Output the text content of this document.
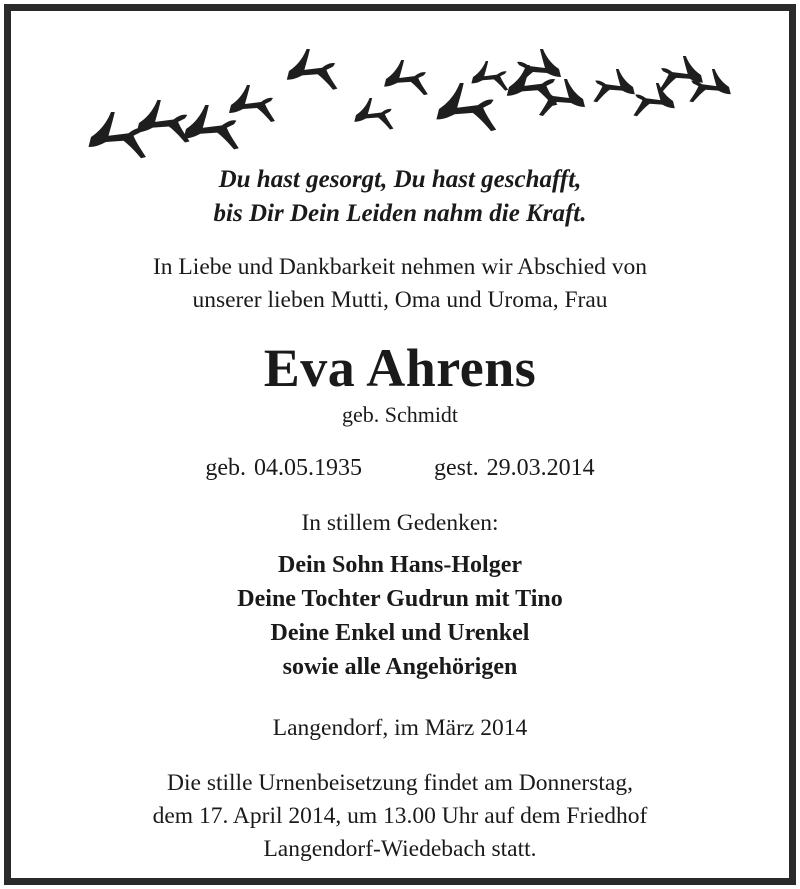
Du hast gesorgt, Du hast geschafft,
bis Dir Dein Leiden nahm die Kraft.
In Liebe und Dankbarkeit nehmen wir Abschied von
unserer lieben Mutti, Oma und Uroma, Frau
Eva Ahrens
geb. Schmidt
geb. 04.05.1935	gest. 29.03.2014
In stillem Gedenken:
Dein Sohn Hans-Holger
Deine Tochter Gudrun mit Tino
Deine Enkel und Urenkel
sowie alle Angehörigen
Langendorf, im März 2014
Die stille Urnenbeisetzung findet am Donnerstag,
dem 17. April 2014, um 13.00 Uhr auf dem Friedhof
Langendorf-Wiedebach statt.
